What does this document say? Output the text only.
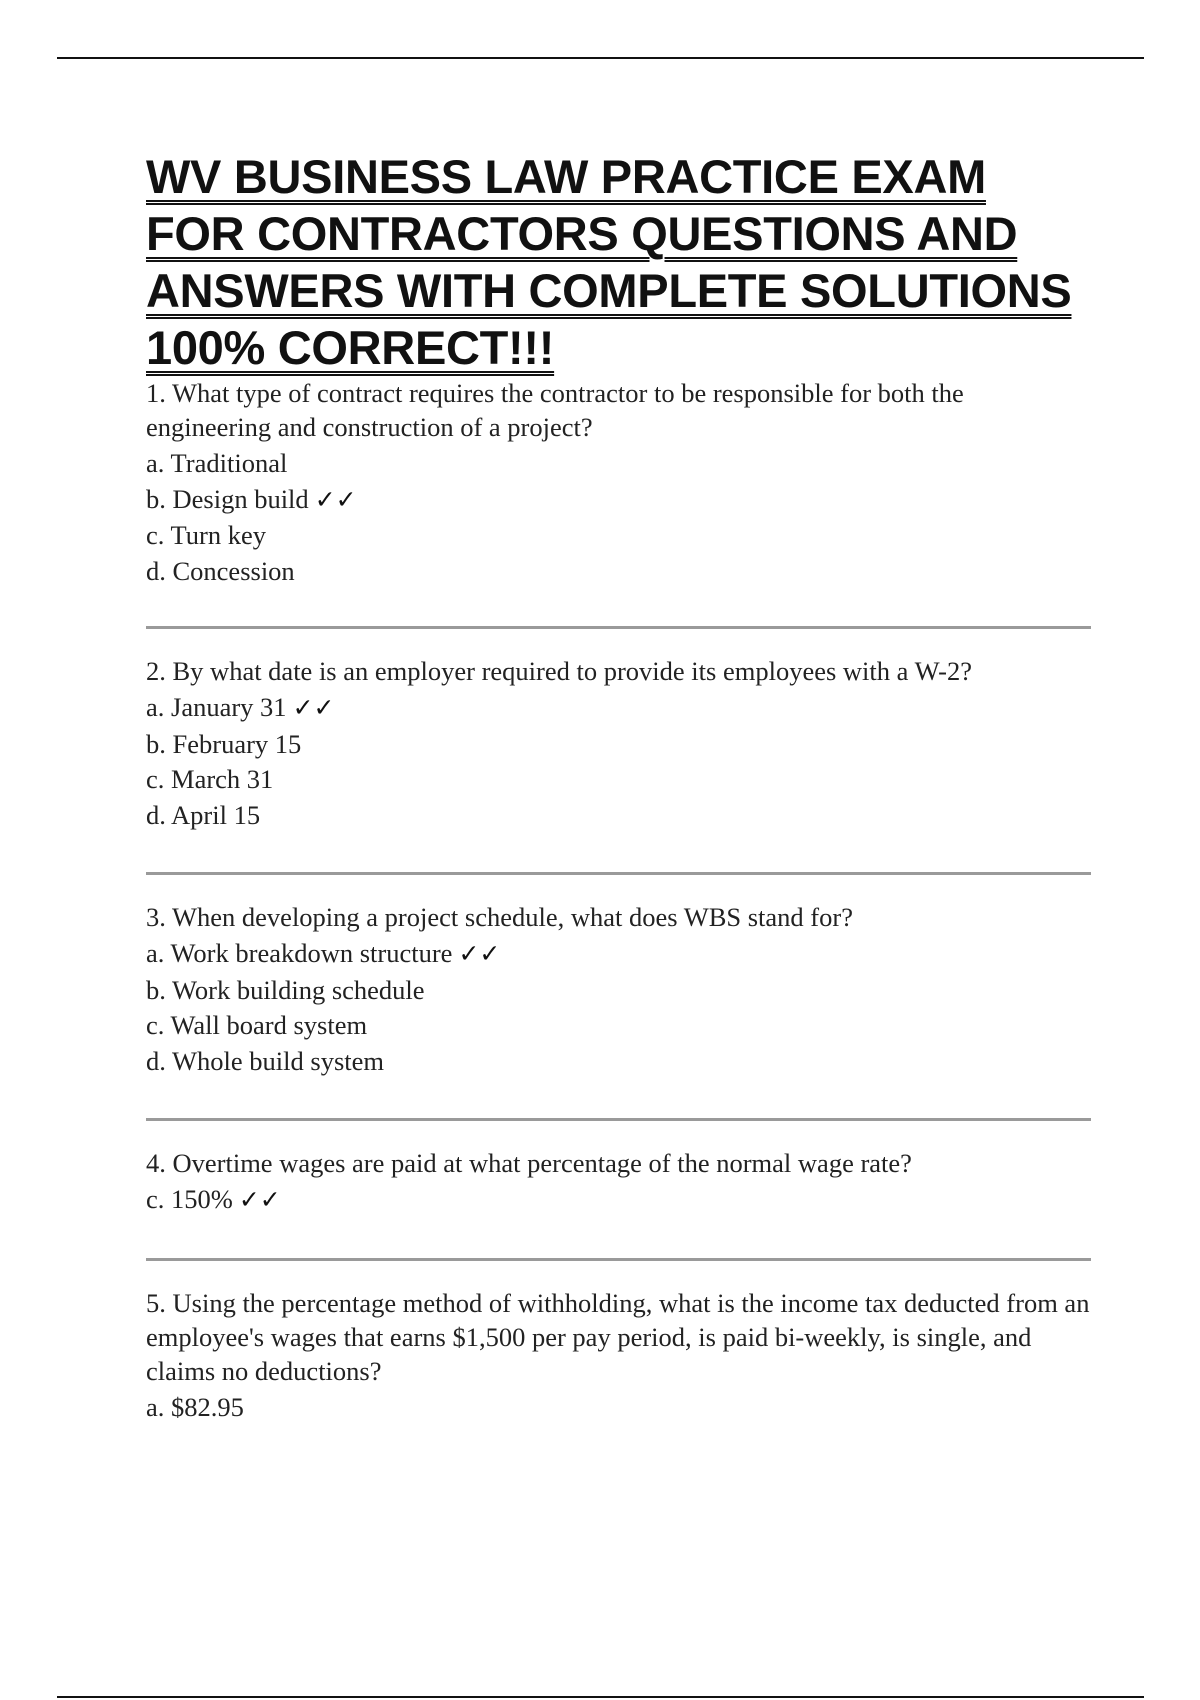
WV BUSINESS LAW PRACTICE EXAM FOR CONTRACTORS QUESTIONS AND ANSWERS WITH COMPLETE SOLUTIONS 100% CORRECT!!!

1. What type of contract requires the contractor to be responsible for both the engineering and construction of a project?

a. Traditional
b. Design build ✓✓
c. Turn key
d. Concession

2. By what date is an employer required to provide its employees with a W-2?

a. January 31 ✓✓
b. February 15
c. March 31
d. April 15

3. When developing a project schedule, what does WBS stand for?

a. Work breakdown structure ✓✓
b. Work building schedule
c. Wall board system
d. Whole build system

4. Overtime wages are paid at what percentage of the normal wage rate?

c. 150% ✓✓

5. Using the percentage method of withholding, what is the income tax deducted from an employee's wages that earns $1,500 per pay period, is paid bi-weekly, is single, and claims no deductions?

a. $82.95
